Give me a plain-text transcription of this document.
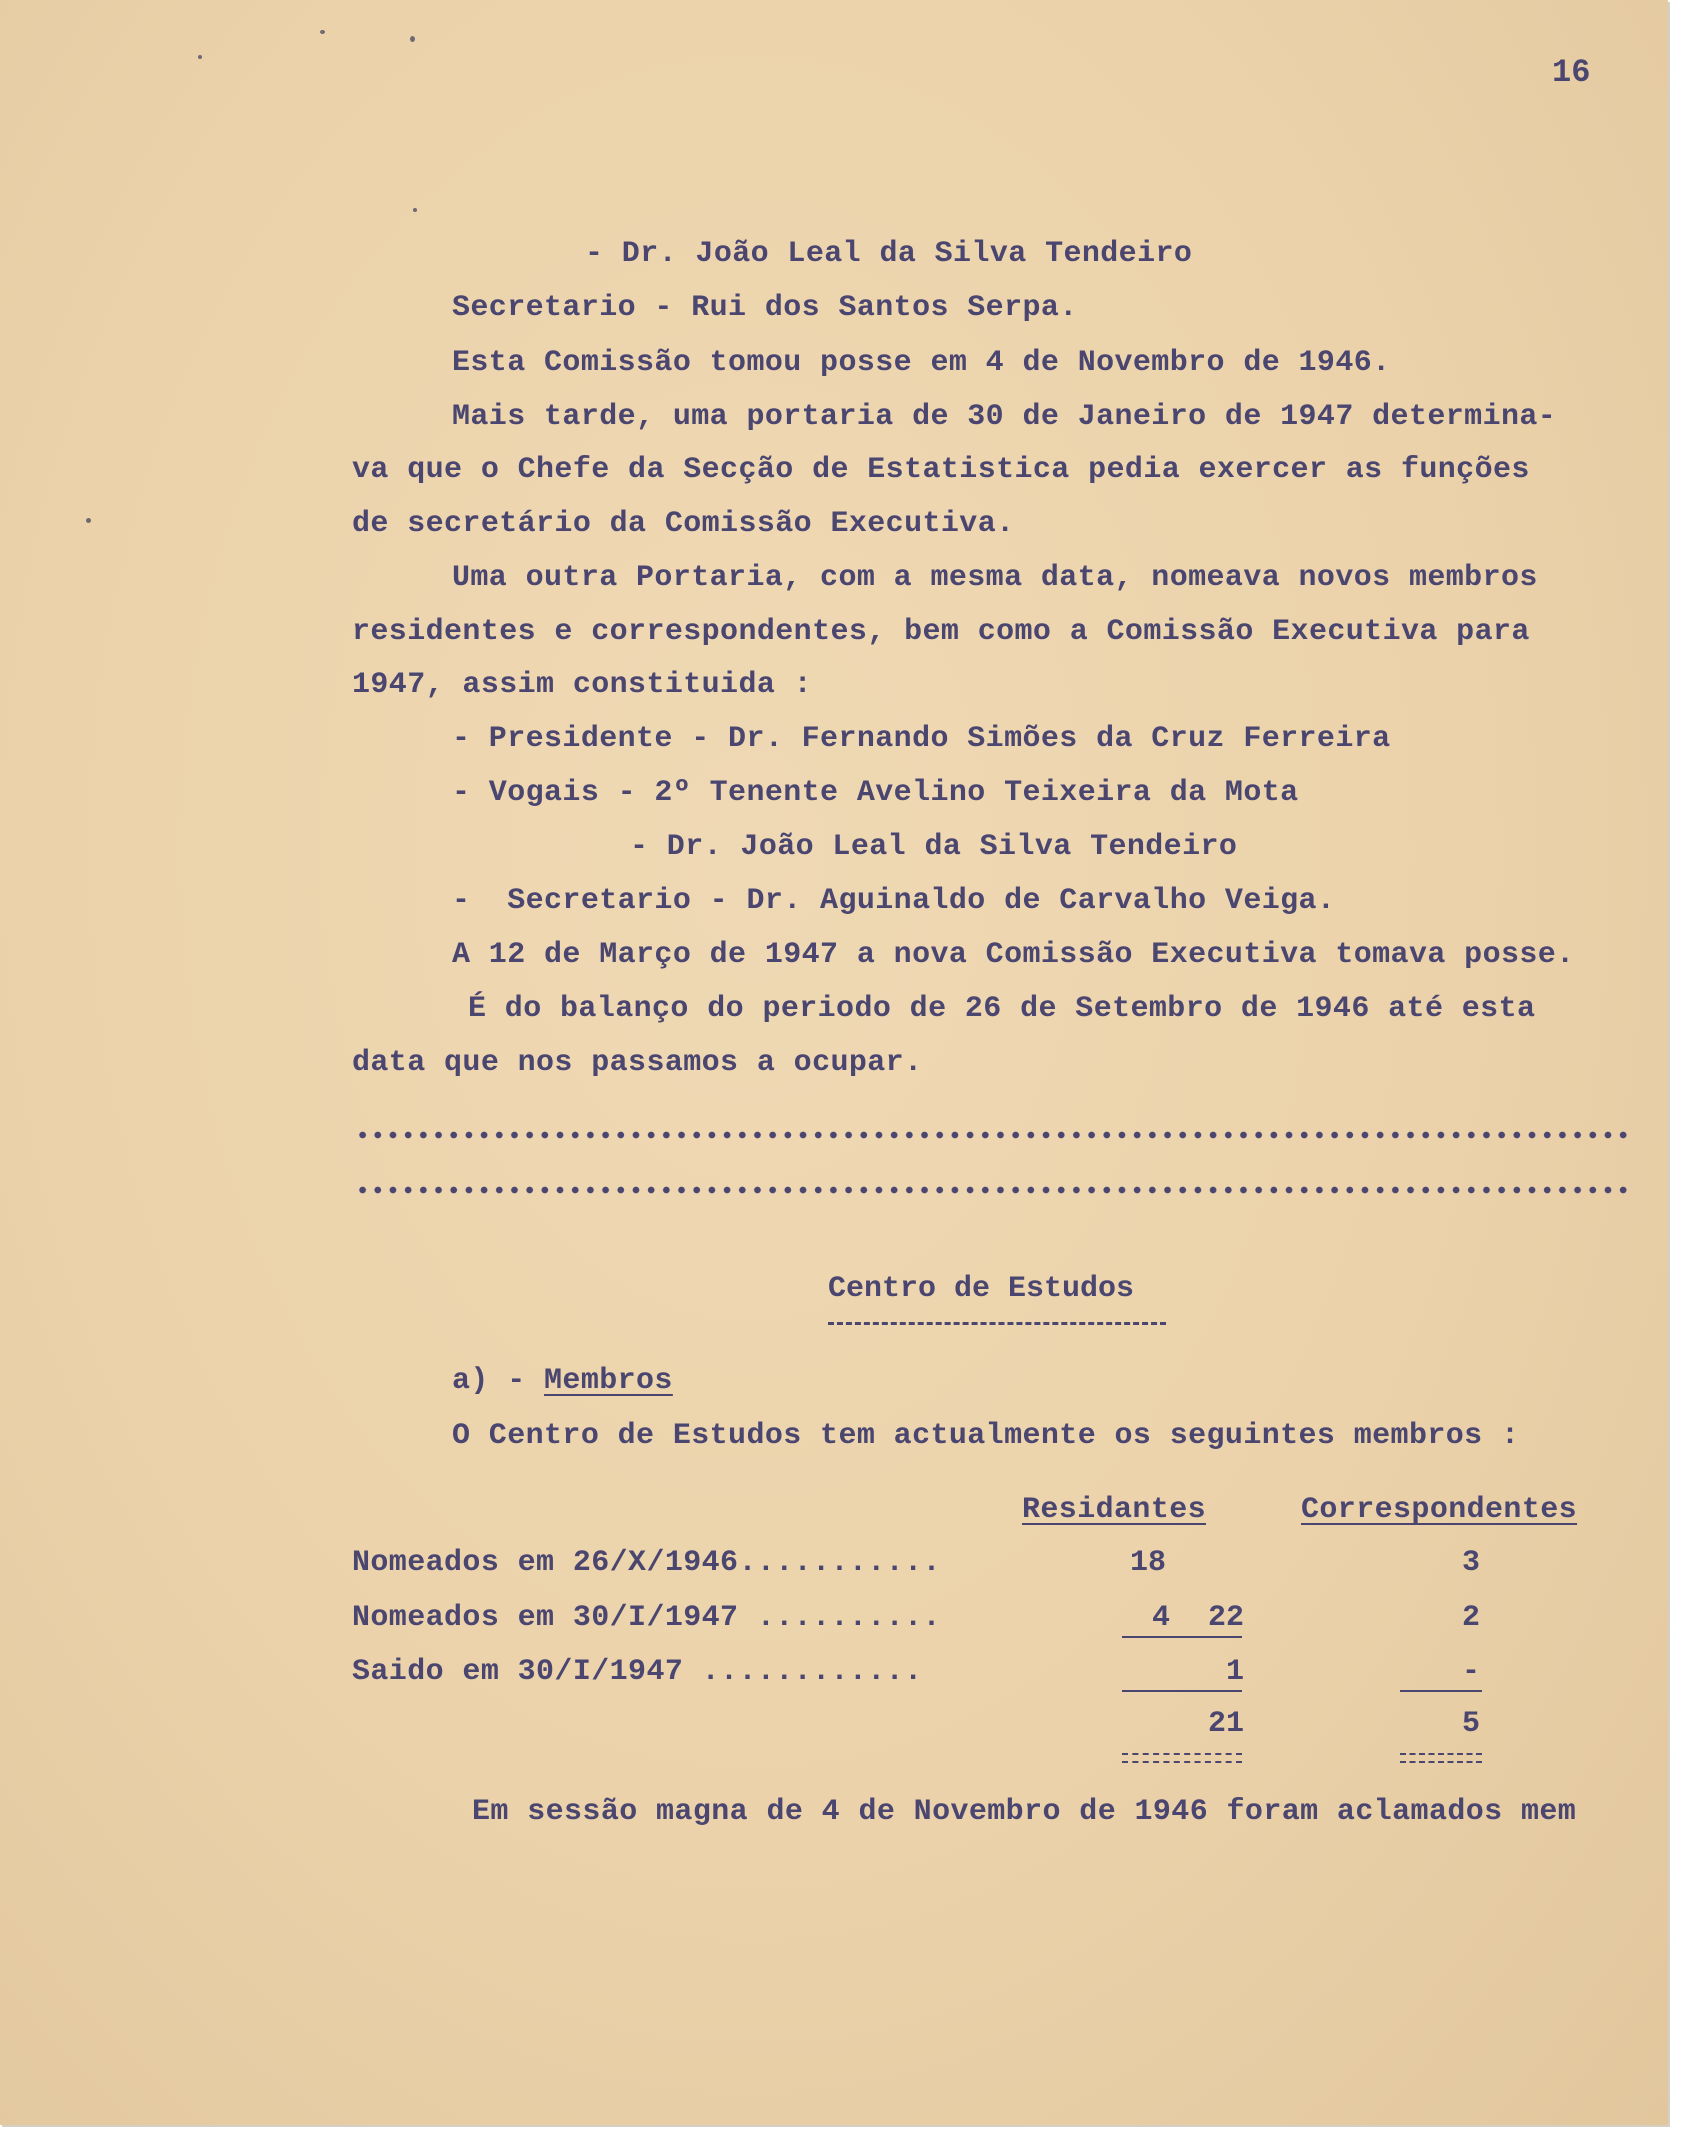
16
- Dr. João Leal da Silva Tendeiro
Secretario - Rui dos Santos Serpa.
Esta Comissão tomou posse em 4 de Novembro de 1946.
Mais tarde, uma portaria de 30 de Janeiro de 1947 determina-
va que o Chefe da Secção de Estatistica pedia exercer as funções
de secretário da Comissão Executiva.
Uma outra Portaria, com a mesma data, nomeava novos membros
residentes e correspondentes, bem como a Comissão Executiva para
1947, assim constituida :
- Presidente - Dr. Fernando Simões da Cruz Ferreira
- Vogais - 2º Tenente Avelino Teixeira da Mota
- Dr. João Leal da Silva Tendeiro
-  Secretario - Dr. Aguinaldo de Carvalho Veiga.
A 12 de Março de 1947 a nova Comissão Executiva tomava posse.
É do balanço do periodo de 26 de Setembro de 1946 até esta
data que nos passamos a ocupar.
Centro de Estudos
a) - Membros
O Centro de Estudos tem actualmente os seguintes membros :
Residantes	Correspondentes
Nomeados em 26/X/1946...........	18	3
Nomeados em 30/I/1947 ..........	4	22	2
Saido em 30/I/1947 ............	1	-
21	5
Em sessão magna de 4 de Novembro de 1946 foram aclamados mem
